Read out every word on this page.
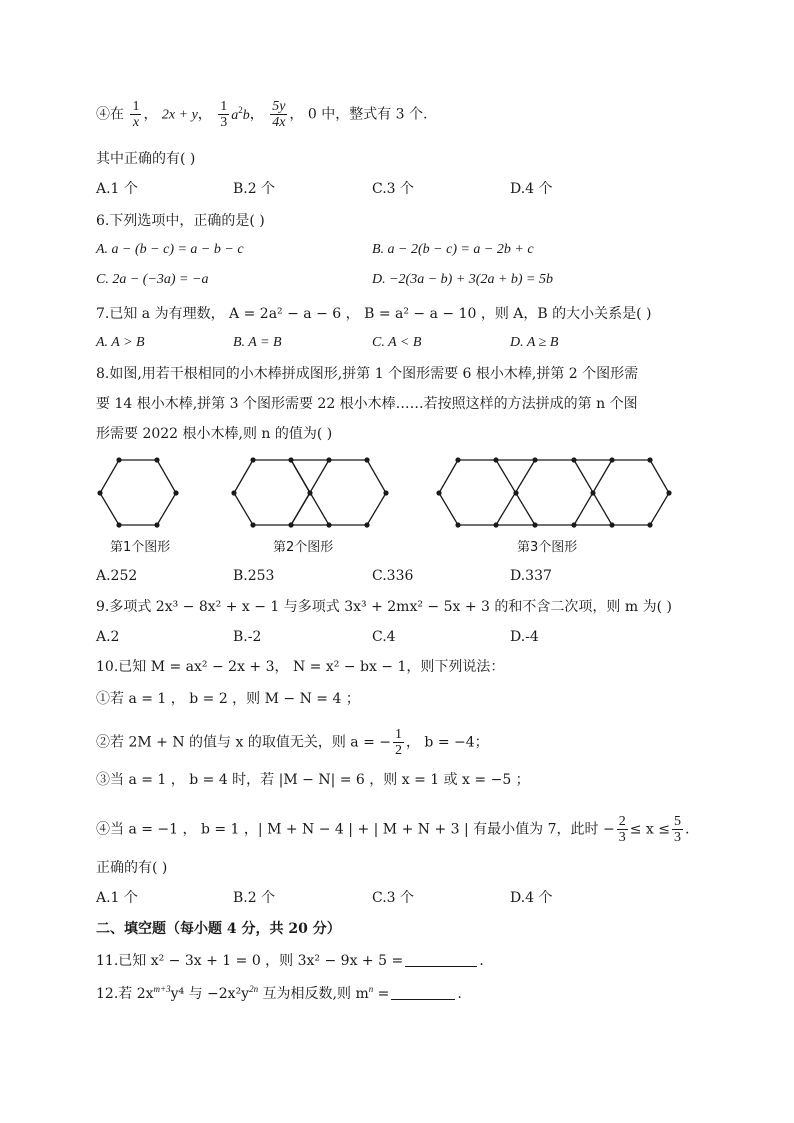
④在 $\frac{1}{x}$ ， 2x + y， $\frac{1}{3} a^2b$， $\frac{5y}{4x}$ ， 0 中，整式有 3 个.
其中正确的有( )
A.1 个	B.2 个	C.3 个	D.4 个
6.下列选项中，正确的是( )
A. a − (b − c) = a − b − c	B. a − 2(b − c) = a − 2b + c
C. 2a − (−3a) = −a	D. −2(3a − b) + 3(2a + b) = 5b
7.已知 a 为有理数， A = 2a² − a − 6 ， B = a² − a − 10 ，则 A，B 的大小关系是( )
A. A > B	B. A = B	C. A < B	D. A ≥ B
8.如图,用若干根相同的小木棒拼成图形,拼第 1 个图形需要 6 根小木棒,拼第 2 个图形需
要 14 根小木棒,拼第 3 个图形需要 22 根小木棒……若按照这样的方法拼成的第 n 个图
形需要 2022 根小木棒,则 n 的值为( )
第1个图形	第2个图形	第3个图形
A.252	B.253	C.336	D.337
9.多项式 2x³ − 8x² + x − 1 与多项式 3x³ + 2mx² − 5x + 3 的和不含二次项，则 m 为( )
A.2	B.-2	C.4	D.-4
10.已知 M = ax² − 2x + 3， N = x² − bx − 1，则下列说法：
①若 a = 1 ， b = 2 ，则 M − N = 4 ；
②若 2M + N 的值与 x 的取值无关，则 a = − $\frac{1}{2}$ ， b = −4；
③当 a = 1 ， b = 4 时，若 |M − N| = 6 ，则 x = 1 或 x = −5 ；
④当 a = −1 ， b = 1 ，| M + N − 4 | + | M + N + 3 | 有最小值为 7，此时 − $\frac{2}{3} \le x \le \frac{5}{3}$ .
正确的有( )
A.1 个	B.2 个	C.3 个	D.4 个
二、填空题（每小题 4 分，共 20 分）
11.已知 x² − 3x + 1 = 0 ，则 3x² − 9x + 5 =	.
12.若 $2x^{m+3}y^4$ 与 $-2x^2y^{2n}$ 互为相反数,则 $m^n$ =	.
